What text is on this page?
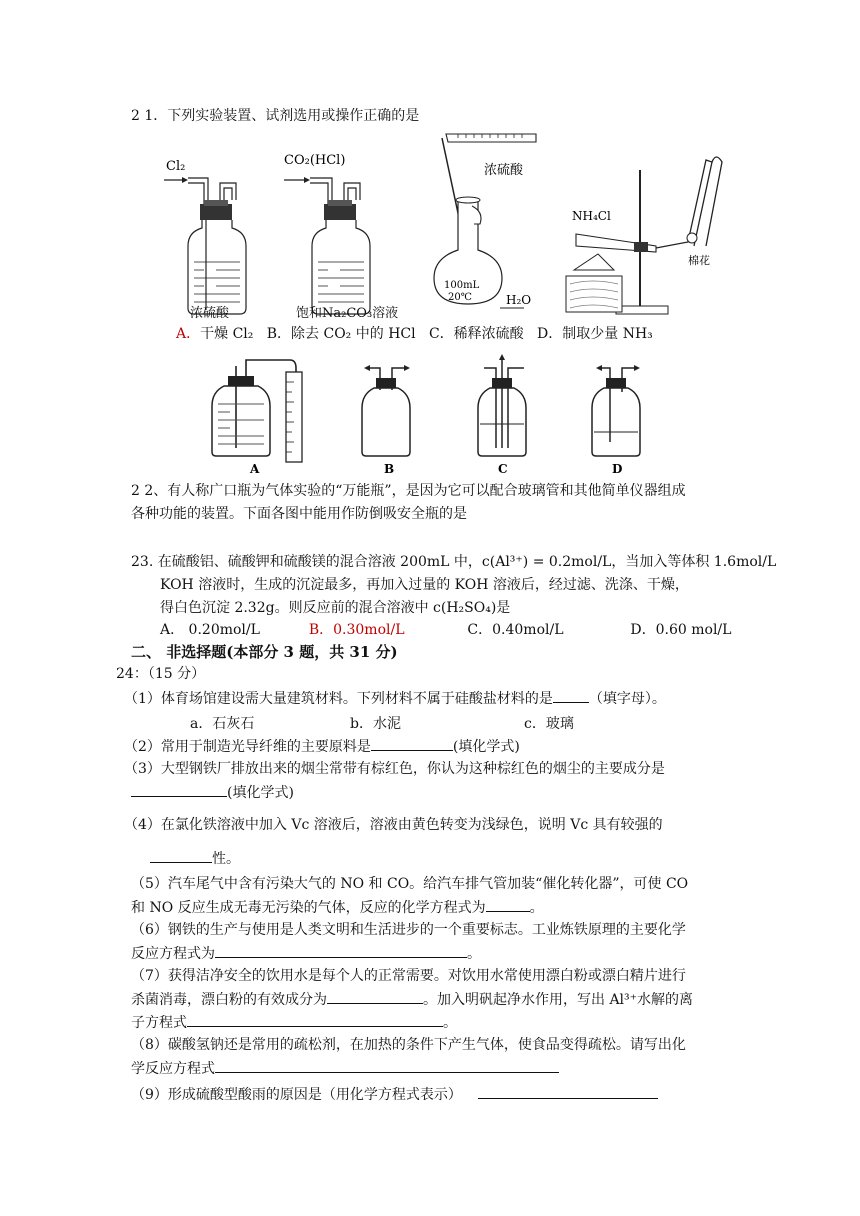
2 1．下列实验装置、试剂选用或操作正确的是
Cl₂
浓硫酸
CO₂(HCl)
饱和Na₂CO₃溶液
浓硫酸
100mL
20℃	H₂O
NH₄Cl
棉花
A．干燥 Cl₂ B．除去 CO₂ 中的 HCl C．稀释浓硫酸 D．制取少量 NH₃
A	B	C	D
2 2、有人称广口瓶为气体实验的“万能瓶”，是因为它可以配合玻璃管和其他简单仪器组成
各种功能的装置。下面各图中能用作防倒吸安全瓶的是
23. 在硫酸铝、硫酸钾和硫酸镁的混合溶液 200mL 中，c(Al³⁺) = 0.2mol/L，当加入等体积 1.6mol/L
KOH 溶液时，生成的沉淀最多，再加入过量的 KOH 溶液后，经过滤、洗涤、干燥，
得白色沉淀 2.32g。则反应前的混合溶液中 c(H₂SO₄)是
A． 0.20mol/L	B．0.30mol/L	C．0.40mol/L	D．0.60 mol/L
二、 非选择题(本部分 3 题，共 31 分)
24：（15 分）
（1）体育场馆建设需大量建筑材料。下列材料不属于硅酸盐材料的是	（填字母）。
a．石灰石	b．水泥	c．玻璃
（2）常用于制造光导纤维的主要原料是	(填化学式)
（3）大型钢铁厂排放出来的烟尘常带有棕红色，你认为这种棕红色的烟尘的主要成分是
(填化学式)
（4）在氯化铁溶液中加入 Vc 溶液后，溶液由黄色转变为浅绿色，说明 Vc 具有较强的
性。
（5）汽车尾气中含有污染大气的 NO 和 CO。给汽车排气管加装“催化转化器”，可使 CO
和 NO 反应生成无毒无污染的气体，反应的化学方程式为	。
（6）钢铁的生产与使用是人类文明和生活进步的一个重要标志。工业炼铁原理的主要化学
反应方程式为	。
（7）获得洁净安全的饮用水是每个人的正常需要。对饮用水常使用漂白粉或漂白精片进行
杀菌消毒，漂白粉的有效成分为	。加入明矾起净水作用，写出 Al³⁺水解的离
子方程式	。
（8）碳酸氢钠还是常用的疏松剂，在加热的条件下产生气体，使食品变得疏松。请写出化
学反应方程式
（9）形成硫酸型酸雨的原因是（用化学方程式表示）
